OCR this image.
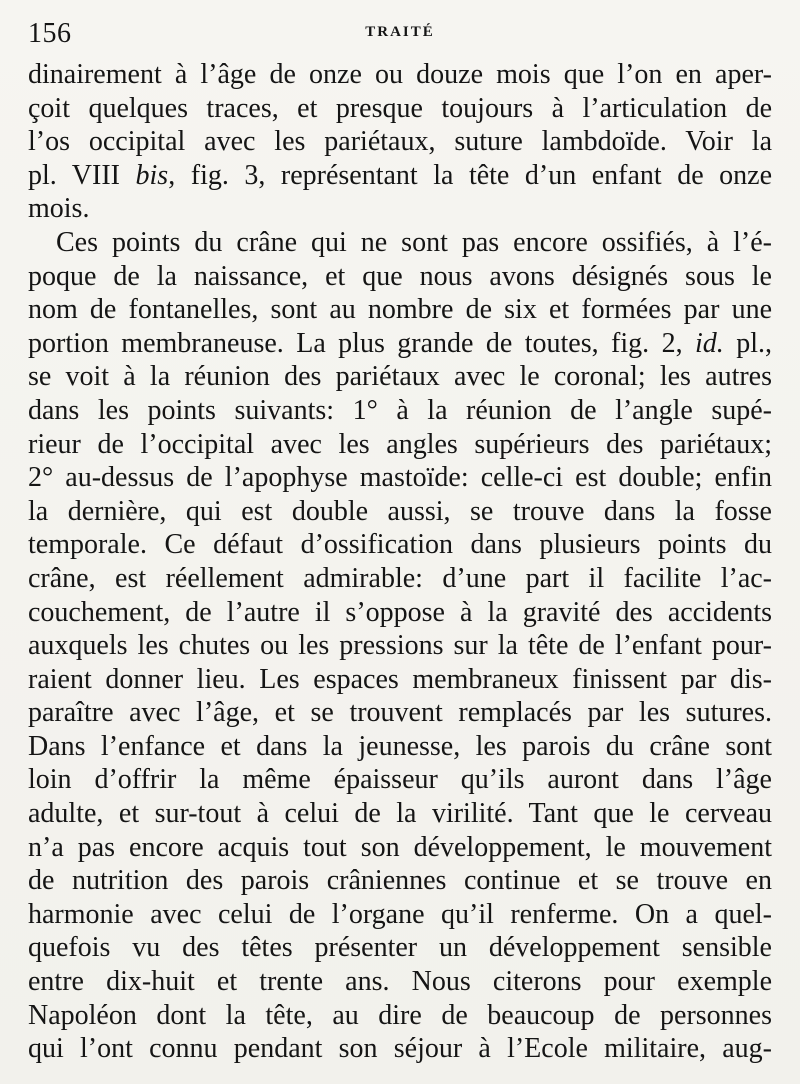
156	TRAITÉ
dinairement à l’âge de onze ou douze mois que l’on en aper-
çoit quelques traces, et presque toujours à l’articulation de
l’os occipital avec les pariétaux, suture lambdoïde. Voir la
pl. VIII bis, fig. 3, représentant la tête d’un enfant de onze
mois.
Ces points du crâne qui ne sont pas encore ossifiés, à l’é-
poque de la naissance, et que nous avons désignés sous le
nom de fontanelles, sont au nombre de six et formées par une
portion membraneuse. La plus grande de toutes, fig. 2, id. pl.,
se voit à la réunion des pariétaux avec le coronal; les autres
dans les points suivants: 1° à la réunion de l’angle supé-
rieur de l’occipital avec les angles supérieurs des pariétaux;
2° au-dessus de l’apophyse mastoïde: celle-ci est double; enfin
la dernière, qui est double aussi, se trouve dans la fosse
temporale. Ce défaut d’ossification dans plusieurs points du
crâne, est réellement admirable: d’une part il facilite l’ac-
couchement, de l’autre il s’oppose à la gravité des accidents
auxquels les chutes ou les pressions sur la tête de l’enfant pour-
raient donner lieu. Les espaces membraneux finissent par dis-
paraître avec l’âge, et se trouvent remplacés par les sutures.
Dans l’enfance et dans la jeunesse, les parois du crâne sont
loin d’offrir la même épaisseur qu’ils auront dans l’âge
adulte, et sur-tout à celui de la virilité. Tant que le cerveau
n’a pas encore acquis tout son développement, le mouvement
de nutrition des parois crâniennes continue et se trouve en
harmonie avec celui de l’organe qu’il renferme. On a quel-
quefois vu des têtes présenter un développement sensible
entre dix-huit et trente ans. Nous citerons pour exemple
Napoléon dont la tête, au dire de beaucoup de personnes
qui l’ont connu pendant son séjour à l’Ecole militaire, aug-
